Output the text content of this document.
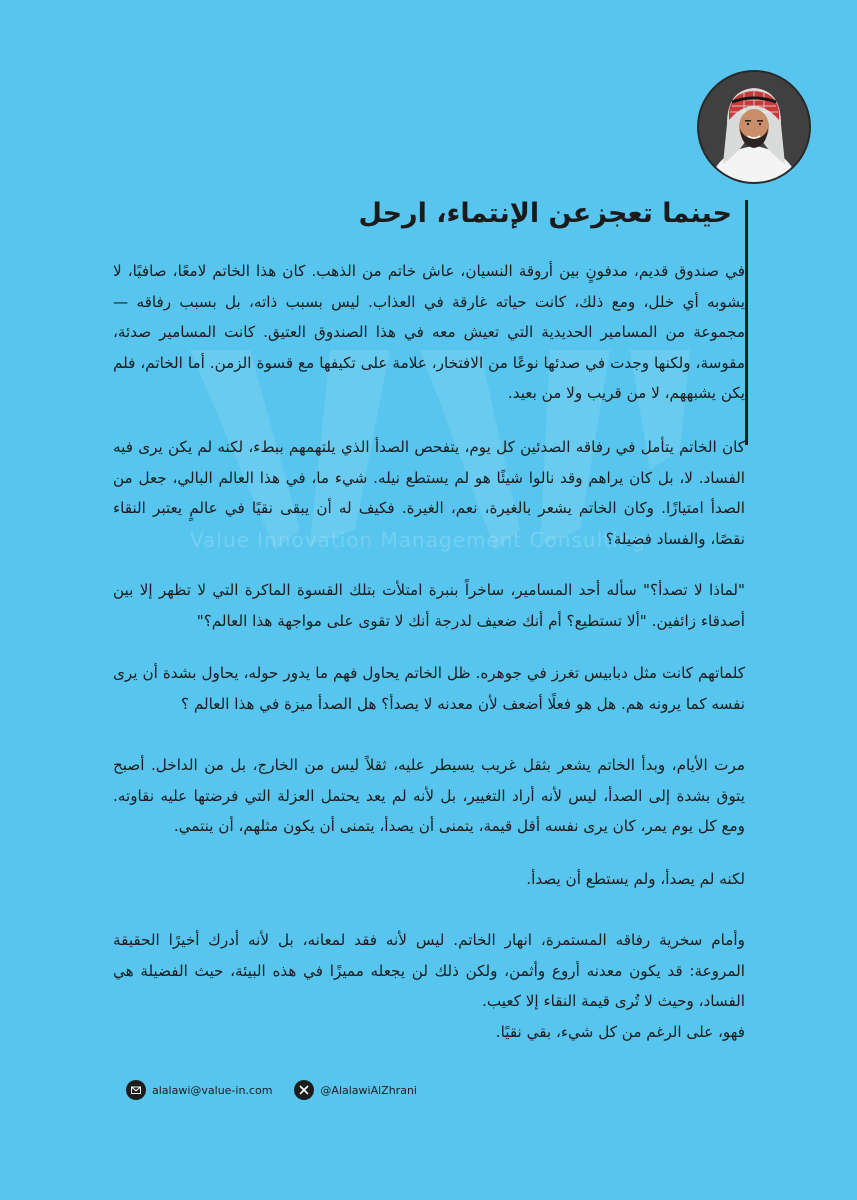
Value Innovation Management Consulting
حينما تعجزعن الإنتماء، ارحل

في صندوق قديم، مدفونٍ بين أروقة النسيان، عاش خاتم من الذهب. كان هذا الخاتم لامعًا، صافيًا، لا يشوبه أي خلل، ومع ذلك، كانت حياته غارقة في العذاب. ليس بسبب ذاته، بل بسبب رفاقه — مجموعة من المسامير الحديدية التي تعيش معه في هذا الصندوق العتيق. كانت المسامير صدئة، مقوسة، ولكنها وجدت في صدئها نوعًا من الافتخار، علامة على تكيفها مع قسوة الزمن. أما الخاتم، فلم يكن يشبههم، لا من قريب ولا من بعيد.

كان الخاتم يتأمل في رفاقه الصدئين كل يوم، يتفحص الصدأ الذي يلتهمهم ببطء، لكنه لم يكن يرى فيه الفساد. لا، بل كان يراهم وقد نالوا شيئًا هو لم يستطع نيله. شيء ما، في هذا العالم البالي، جعل من الصدأ امتيازًا. وكان الخاتم يشعر بالغيرة، نعم، الغيرة. فكيف له أن يبقى نقيًا في عالمٍ يعتبر النقاء نقصًا، والفساد فضيلة؟

"لماذا لا تصدأ؟" سأله أحد المسامير، ساخراً بنبرة امتلأت بتلك القسوة الماكرة التي لا تظهر إلا بين أصدقاء زائفين. "ألا تستطيع؟ أم أنك ضعيف لدرجة أنك لا تقوى على مواجهة هذا العالم؟"

كلماتهم كانت مثل دبابيس تغرز في جوهره. ظل الخاتم يحاول فهم ما يدور حوله، يحاول بشدة أن يرى نفسه كما يرونه هم. هل هو فعلًا أضعف لأن معدنه لا يصدأ؟ هل الصدأ ميزة في هذا العالم ؟

مرت الأيام، وبدأ الخاتم يشعر بثقل غريب يسيطر عليه، ثقلاً ليس من الخارج، بل من الداخل. أصبح يتوق بشدة إلى الصدأ، ليس لأنه أراد التغيير، بل لأنه لم يعد يحتمل العزلة التي فرضتها عليه نقاوته. ومع كل يوم يمر، كان يرى نفسه أقل قيمة، يتمنى أن يصدأ، يتمنى أن يكون مثلهم، أن ينتمي.

لكنه لم يصدأ، ولم يستطع أن يصدأ.

وأمام سخرية رفاقه المستمرة، انهار الخاتم. ليس لأنه فقد لمعانه، بل لأنه أدرك أخيرًا الحقيقة المروعة: قد يكون معدنه أروع وأثمن، ولكن ذلك لن يجعله مميزًا في هذه البيئة، حيث الفضيلة هي الفساد، وحيث لا تُرى قيمة النقاء إلا كعيب.

فهو، على الرغم من كل شيء، بقي نقيًا.

alalawi@value-in.com	@AlalawiAlZhrani
